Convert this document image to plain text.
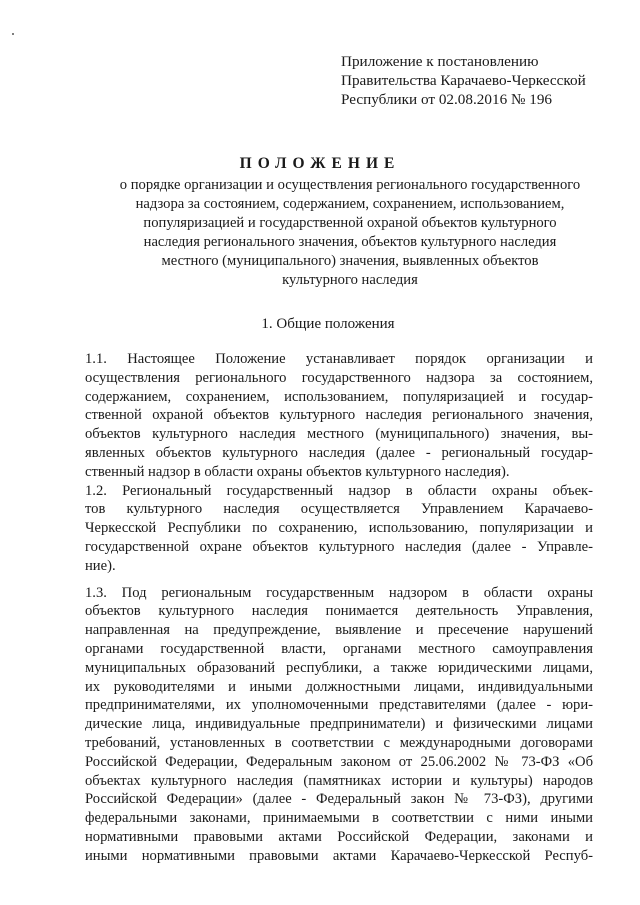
Приложение к постановлению
Правительства Карачаево-Черкесской
Республики от 02.08.2016 № 196
ПОЛОЖЕНИЕ
о порядке организации и осуществления регионального государственного
надзора за состоянием, содержанием, сохранением, использованием,
популяризацией и государственной охраной объектов культурного
наследия регионального значения, объектов культурного наследия
местного (муниципального) значения, выявленных объектов
культурного наследия
1. Общие положения
1.1. Настоящее Положение устанавливает порядок организации и
осуществления регионального государственного надзора за состоянием,
содержанием, сохранением, использованием, популяризацией и государ-
ственной охраной объектов культурного наследия регионального значения,
объектов культурного наследия местного (муниципального) значения, вы-
явленных объектов культурного наследия (далее - региональный государ-
ственный надзор в области охраны объектов культурного наследия).
1.2. Региональный государственный надзор в области охраны объек-
тов культурного наследия осуществляется Управлением Карачаево-
Черкесской Республики по сохранению, использованию, популяризации и
государственной охране объектов культурного наследия (далее - Управле-
ние).
1.3. Под региональным государственным надзором в области охраны
объектов культурного наследия понимается деятельность Управления,
направленная на предупреждение, выявление и пресечение нарушений
органами государственной власти, органами местного самоуправления
муниципальных образований республики, а также юридическими лицами,
их руководителями и иными должностными лицами, индивидуальными
предпринимателями, их уполномоченными представителями (далее - юри-
дические лица, индивидуальные предприниматели) и физическими лицами
требований, установленных в соответствии с международными договорами
Российской Федерации, Федеральным законом от 25.06.2002 № 73-ФЗ «Об
объектах культурного наследия (памятниках истории и культуры) народов
Российской Федерации» (далее - Федеральный закон № 73-ФЗ), другими
федеральными законами, принимаемыми в соответствии с ними иными
нормативными правовыми актами Российской Федерации, законами и
иными нормативными правовыми актами Карачаево-Черкесской Респуб-
